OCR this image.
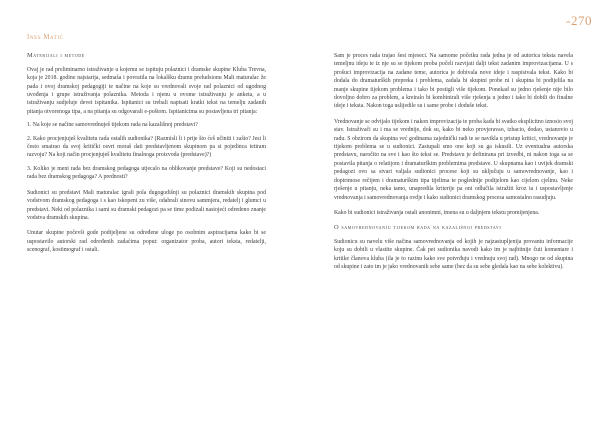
-270
Ines Matić
Materijali i metode

Ovaj je rad preliminarno istraživanje u kojemu se ispituju polaznici i dramske skupine Kluba Trevna, koja je 2018. godine najstarija, sedmaša i povratila na lokalšku dramu preludsionu Mali maturalac že pada i ovoj dramskoj pedagogiji te načine na koje su vrednovali svoje rad polaznici od ugodnog uvođenja i grupe istraživanja polaznika. Metoda i njenu u ovome istraživanju je anketa, a u istraživanju sudjeluje devet ispitanika. Ispitanici su trebali napisati kratki tekst na temelju zadanih pitanja otvorenoga tipa, a na pitanja su odgovarali e-poštom. Ispitanicima su postavljena tri pitanja:

1. Na koje se načine samovrednuješ tijekom rada na kazališnoj predstavi?

2. Kako procjenjuješ kvalitetu rada ostalih sudionika? (Razmisli li i prije što ćeš učiniti i zašto? Jesi li često smatrao da svoj kritički osvrt moraš dati predstavljenom skupinom pa si pojedinca tetiram razvoju? Na koji način procjenjuješ kvalitetu finalnoga proizvoda (predstave)?)

3. Koliko je meni rada bez dramskog pedagoga utjecalo na oblikovanje predstave? Koji su nedostaci rada bez dramskog pedagoga? A prednosti?

Sudionici su predstavi Mali maturalac igrali pola dugogodišnji su polaznici dramskih skupina pod vodstvom dramskog pedagoga i s kao iskopeni zu više, odabrali sinovu sammjera, redatelj i glumci u predstavi. Neki od polaznika i sami su dramski pedagozi pa se time podizali nastojeći odredeno znanje vodstva dramskih skupina.

Unutar skupine počevši gode podijeljene su određene uloge po osobnim aspiracijama kako bi se uspostavilo autorski rad određenih zadaćima poput: organizator proba, autori teksta, redatelji, scenograf, kostimograf i ostali.

Sam je proces rada trajao šest mjeseci. Na samome početku rada jedna je od autorica teksta navela temeljnu ideju te iz nje su se tijekom proba počeli razvijati dalji tekst zadanim improvizacijama. U s prošuci improvizacija na zadane teme, autorica je dobivala nove ideje i raspisivala tekst. Kako bi dodala do dramaturških prepreka i problema, zadala bi skupini probe ni i skupina bi podijelila na manje skupine tijekom problema i tako bi postigli više tijekom. Ponekad su jedno rješenje nije bilo dovoljno dobro za problem, a kreiralo bi kombinirali više rješenja u jedno i tako bi dobili do finalne ideje i teksta. Nakon toga uslijedile su i same probe i doduše tekst.

Vrednovanje se odvijalo tijekom i nakon improvizacija te proba kada bi svatko eksplicitno iznosio svoj stav. Istraživači su i ma se vrednije, dok su, kako bi neko provjeravao, izbacio, dodao, ustanovio u radu. S obzirom da skupina već godinama zajednički radi te se navikla u pristup kritici, vrednovanje je tijekom problema se u sudionici. Zastupali smo one koji su ga iskusili. Uz eventualna autorska predstavu, naročito na sve i kao što tekst se. Predstavu je definirana pri izvedbi, ni nakon toga sa se postavila pitanja o relatijom i dramaturškim problemima predstave. U skupnama kao i uvijek dramski pedagozi ovo sa stvari valjala sudionici procese koji su uključuju u samovrednovanje, kao i dopirimose rečijem i dramaturškim tipa tijelima te poglednije podijelom kao cijelom cjelinu. Neke rješenje u pitanju, neka tamo, unapredila kriterije pa oni odlučila istražiti kroz ta i uspostavljenje vrednovanja i samovrednovanja ovdje i kako sudionici dramskog procesa samostalno rasudjuju.

Kako bi sudionici istraživanja ostali anonimni, imena su u daljnjem tekstu promijenjena.

O samovrednovanju tijekom rada na kazališnoj predstavi

Sudionicu su navelu više načina samovrednovanja od kojih je najzastupljenija provantu informacije koju su dobili u vlastite skupine. Čak pet sudionika navodi kako im je najbitnije čuti komentare i kritike članova kluba (ila je to razinu kako sve potvrđuju i vrednuju svoj rad). Mnogo ne od skupina od skupine i zato im je jako vrednovanih sebe same (bez da su sebe gledala kao na sebe kolektivu).
